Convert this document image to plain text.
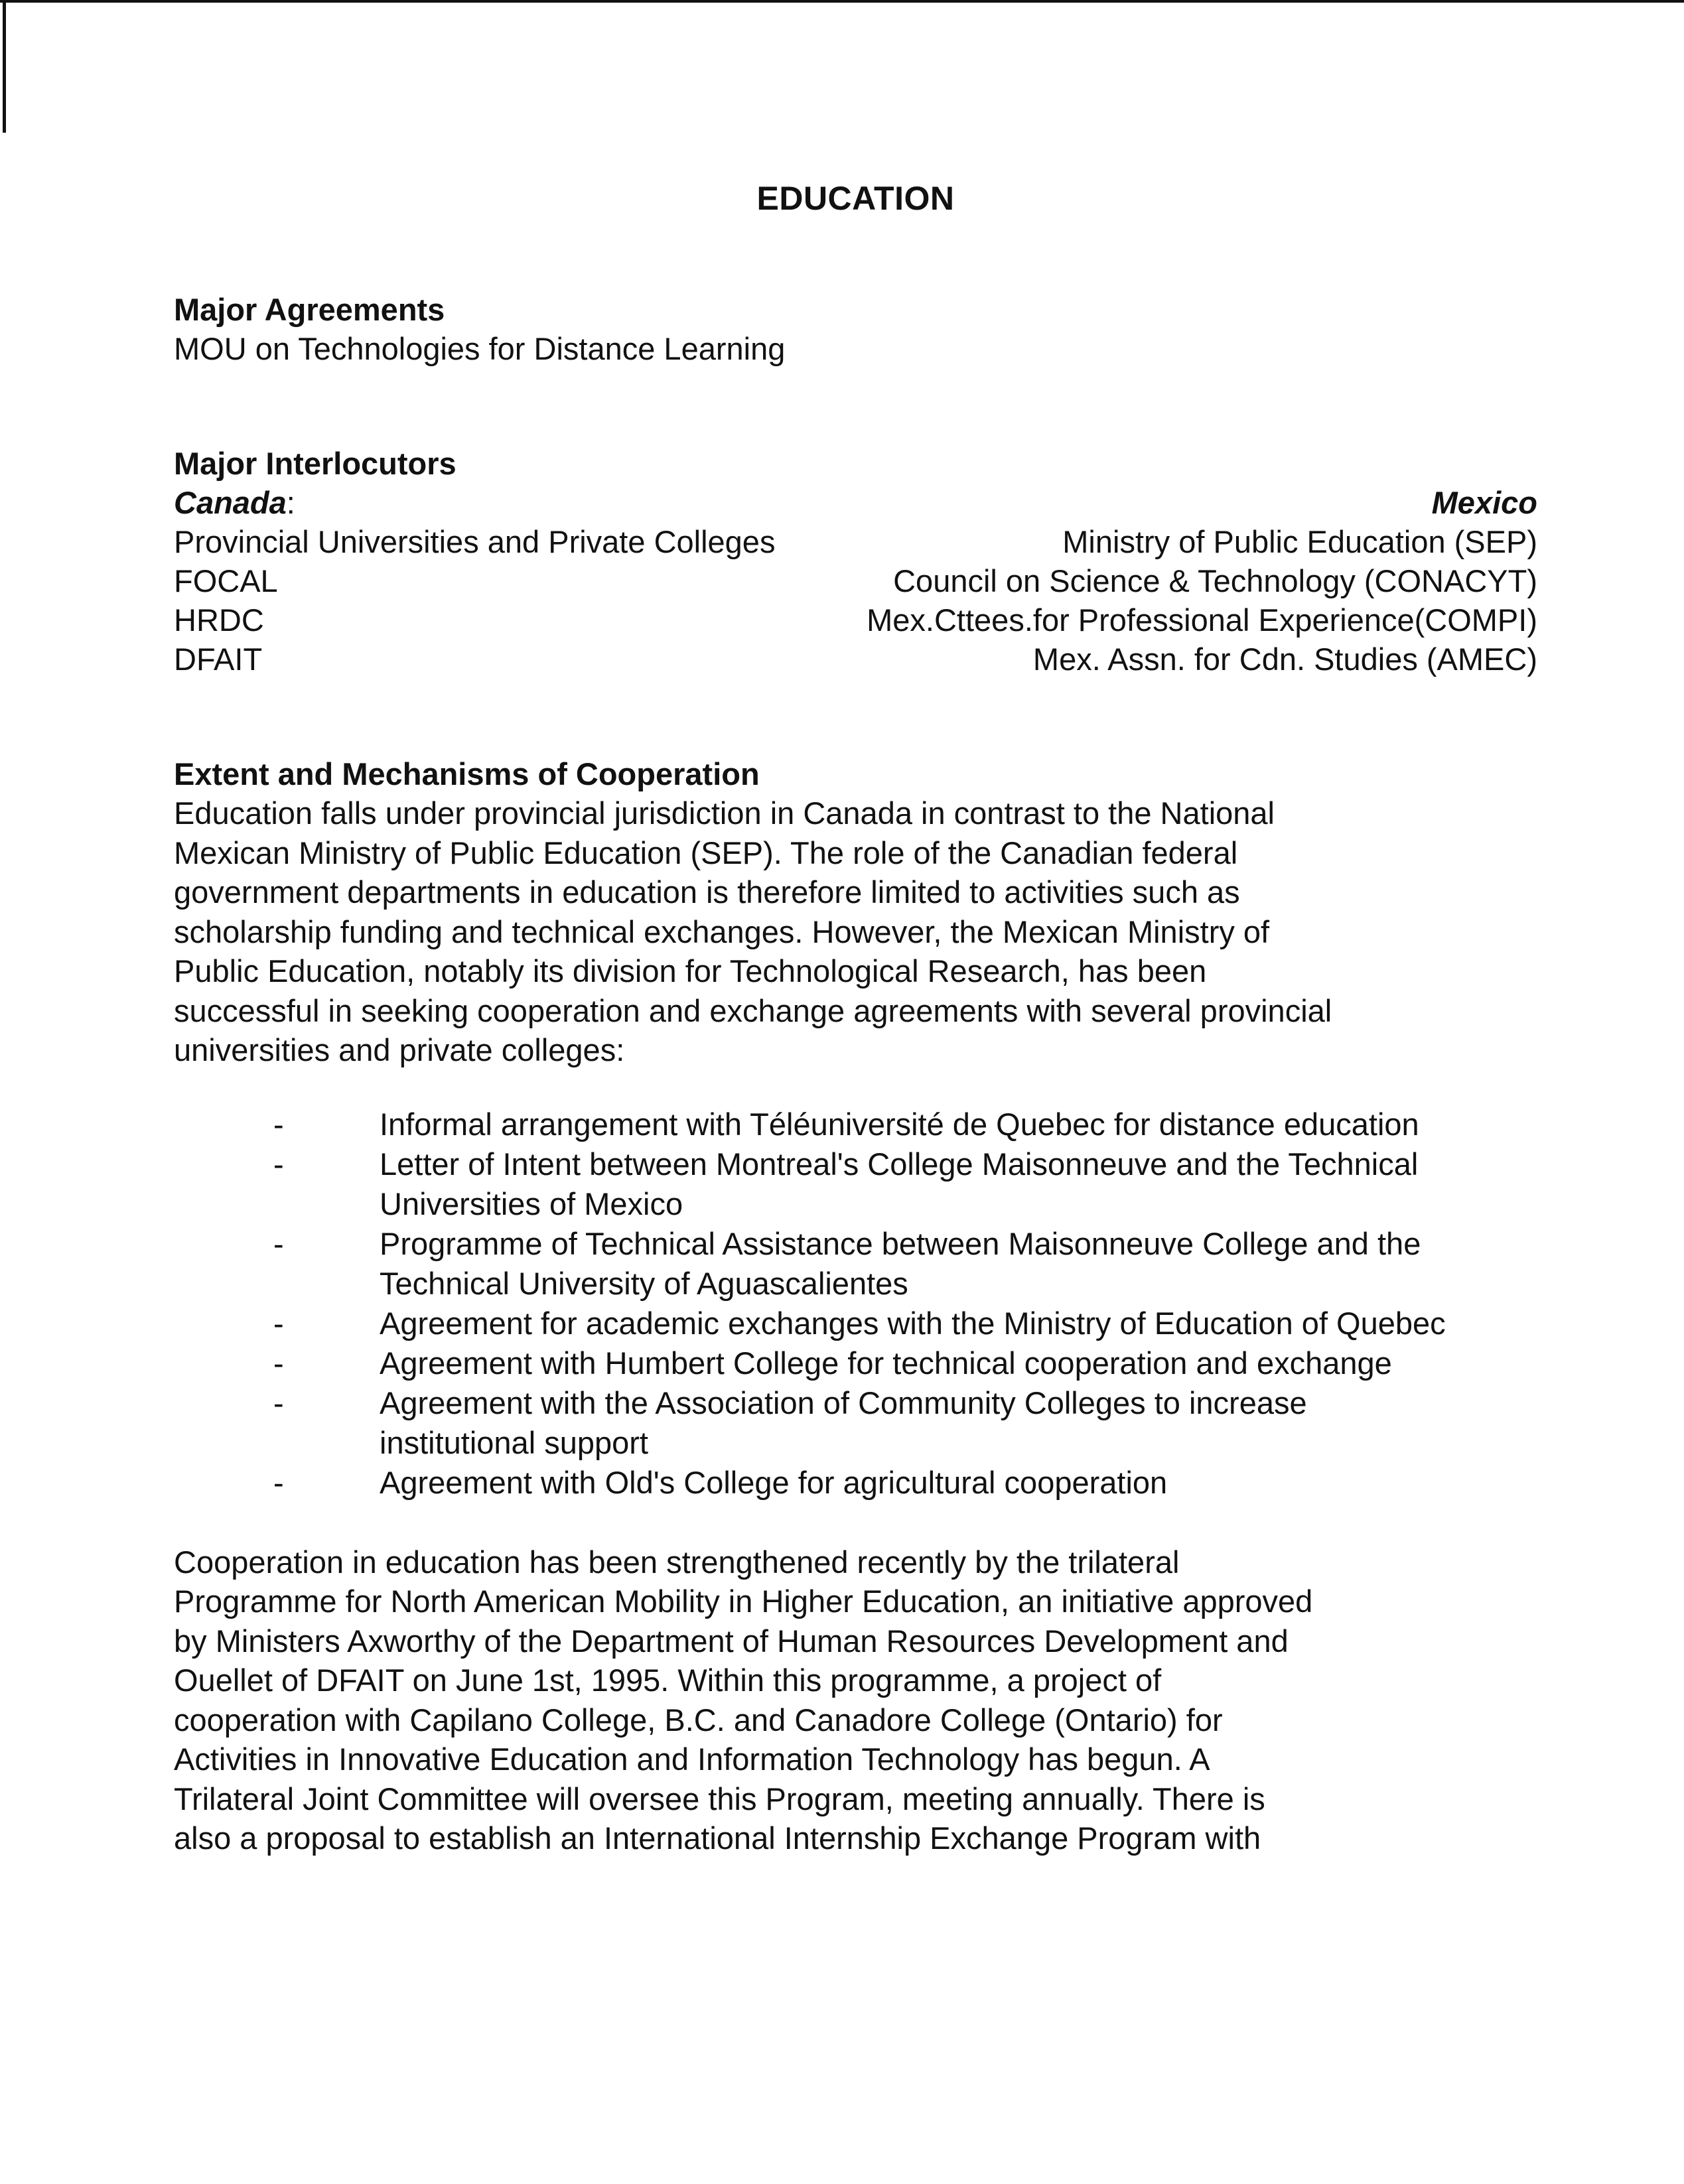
EDUCATION

Major Agreements

MOU on Technologies for Distance Learning

Major Interlocutors

Canada:	Mexico
Provincial Universities and Private Colleges	Ministry of Public Education (SEP)
FOCAL	Council on Science & Technology (CONACYT)
HRDC	Mex.Cttees.for Professional Experience(COMPI)
DFAIT	Mex. Assn. for Cdn. Studies (AMEC)

Extent and Mechanisms of Cooperation

Education falls under provincial jurisdiction in Canada in contrast to the National

Mexican Ministry of Public Education (SEP). The role of the Canadian federal

government departments in education is therefore limited to activities such as

scholarship funding and technical exchanges. However, the Mexican Ministry of

Public Education, notably its division for Technological Research, has been

successful in seeking cooperation and exchange agreements with several provincial

universities and private colleges:

-	Informal arrangement with Téléuniversité de Quebec for distance education
-	Letter of Intent between Montreal's College Maisonneuve and the Technical Universities of Mexico
-	Programme of Technical Assistance between Maisonneuve College and the Technical University of Aguascalientes
-	Agreement for academic exchanges with the Ministry of Education of Quebec
-	Agreement with Humbert College for technical cooperation and exchange
-	Agreement with the Association of Community Colleges to increase institutional support
-	Agreement with Old's College for agricultural cooperation

Cooperation in education has been strengthened recently by the trilateral

Programme for North American Mobility in Higher Education, an initiative approved

by Ministers Axworthy of the Department of Human Resources Development and

Ouellet of DFAIT on June 1st, 1995. Within this programme, a project of

cooperation with Capilano College, B.C. and Canadore College (Ontario) for

Activities in Innovative Education and Information Technology has begun. A

Trilateral Joint Committee will oversee this Program, meeting annually. There is

also a proposal to establish an International Internship Exchange Program with
